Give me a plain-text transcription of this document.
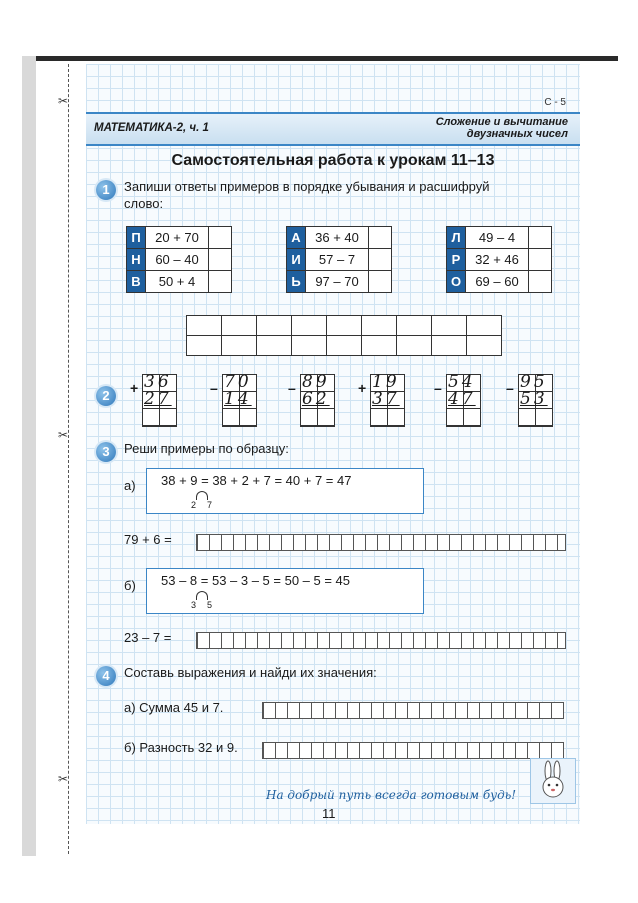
✂
✂
✂
С - 5
МАТЕМАТИКА-2, ч. 1	Сложение и вычитание
двузначных чисел
Самостоятельная работа к урокам 11–13
1	Запиши ответы примеров в порядке убывания и расшифруй
слово:
П	20 + 70	
Н	60 – 40	
В	50 + 4	
А	36 + 40	
И	57 – 7	
Ь	97 – 70	
Л	49 – 4	
Р	32 + 46	
О	69 – 60	

2	+ 36
27
– 70
14
– 89
62
+ 19
37
– 54
47
– 95
53
3	Реши примеры по образцу:
а) 38 + 9 = 38 + 2 + 7 = 40 + 7 = 47
2 7
79 + 6 =
б) 53 – 8 = 53 – 3 – 5 = 50 – 5 = 45
3 5
23 – 7 =
4	Составь выражения и найди их значения:
а) Сумма 45 и 7.
б) Разность 32 и 9.
На добрый путь всегда готовым будь!
11
